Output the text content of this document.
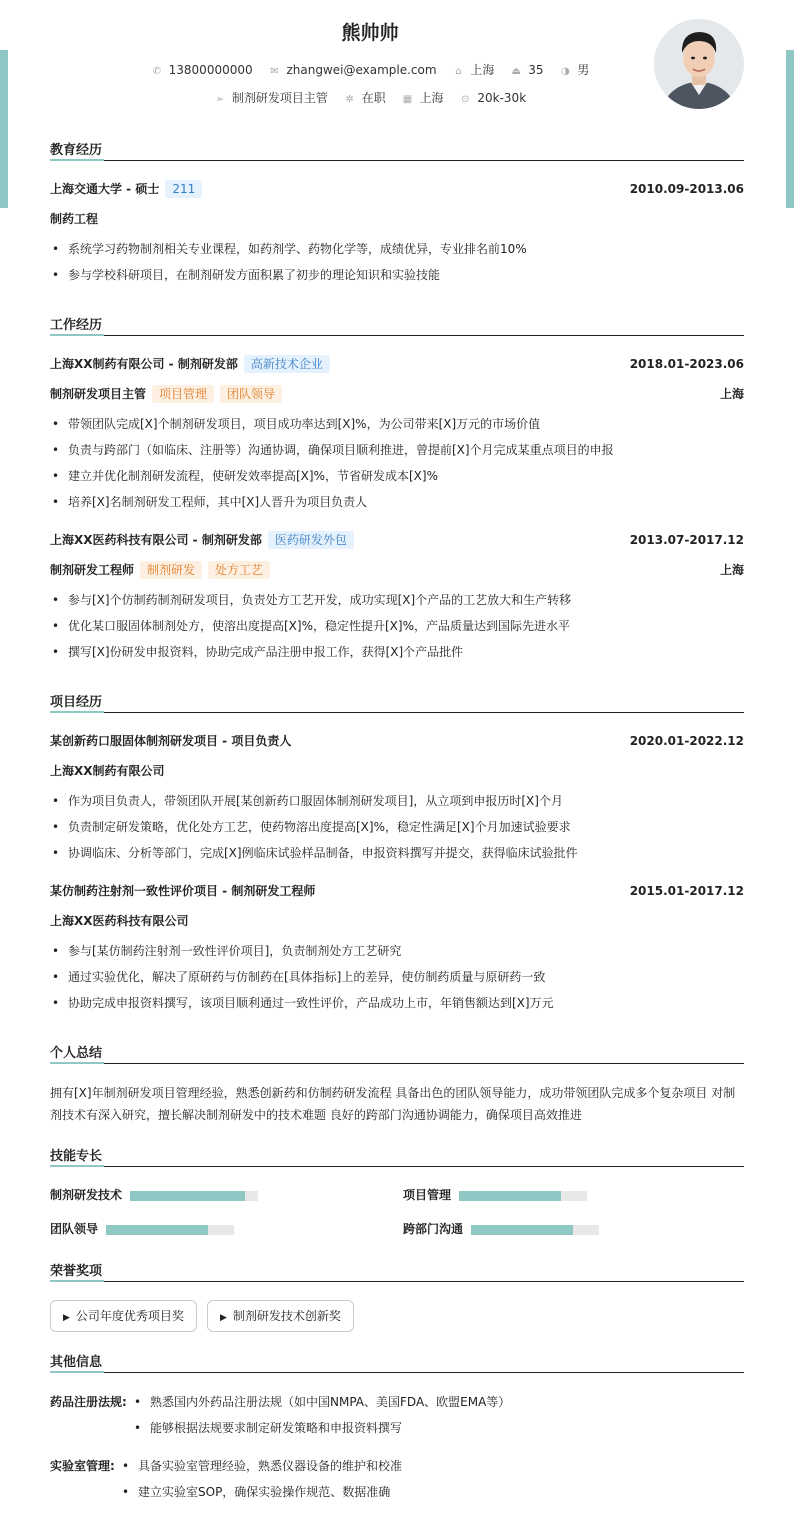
熊帅帅
✆ 13800000000 ✉ zhangwei@example.com ⌂ 上海 ⏏ 35 ◑ 男
➢ 制剂研发项目主管 ✲ 在职 ▦ 上海 ⊙ 20k-30k
教育经历
上海交通大学 - 硕士 211	2010.09-2013.06
制药工程
• 系统学习药物制剂相关专业课程，如药剂学、药物化学等，成绩优异，专业排名前10%
• 参与学校科研项目，在制剂研发方面积累了初步的理论知识和实验技能
工作经历
上海XX制药有限公司 - 制剂研发部 高新技术企业	2018.01-2023.06
制剂研发项目主管 项目管理 团队领导	上海
• 带领团队完成[X]个制剂研发项目，项目成功率达到[X]%，为公司带来[X]万元的市场价值
• 负责与跨部门（如临床、注册等）沟通协调，确保项目顺利推进，曾提前[X]个月完成某重点项目的申报
• 建立并优化制剂研发流程，使研发效率提高[X]%，节省研发成本[X]%
• 培养[X]名制剂研发工程师，其中[X]人晋升为项目负责人
上海XX医药科技有限公司 - 制剂研发部 医药研发外包	2013.07-2017.12
制剂研发工程师 制剂研发 处方工艺	上海
• 参与[X]个仿制药制剂研发项目，负责处方工艺开发，成功实现[X]个产品的工艺放大和生产转移
• 优化某口服固体制剂处方，使溶出度提高[X]%，稳定性提升[X]%，产品质量达到国际先进水平
• 撰写[X]份研发申报资料，协助完成产品注册申报工作，获得[X]个产品批件
项目经历
某创新药口服固体制剂研发项目 - 项目负责人	2020.01-2022.12
上海XX制药有限公司
• 作为项目负责人，带领团队开展[某创新药口服固体制剂研发项目]，从立项到申报历时[X]个月
• 负责制定研发策略，优化处方工艺，使药物溶出度提高[X]%，稳定性满足[X]个月加速试验要求
• 协调临床、分析等部门，完成[X]例临床试验样品制备，申报资料撰写并提交，获得临床试验批件
某仿制药注射剂一致性评价项目 - 制剂研发工程师	2015.01-2017.12
上海XX医药科技有限公司
• 参与[某仿制药注射剂一致性评价项目]，负责制剂处方工艺研究
• 通过实验优化，解决了原研药与仿制药在[具体指标]上的差异，使仿制药质量与原研药一致
• 协助完成申报资料撰写，该项目顺利通过一致性评价，产品成功上市，年销售额达到[X]万元
个人总结
拥有[X]年制剂研发项目管理经验，熟悉创新药和仿制药研发流程 具备出色的团队领导能力，成功带领团队完成多个复杂项目 对制
剂技术有深入研究，擅长解决制剂研发中的技术难题 良好的跨部门沟通协调能力，确保项目高效推进
技能专长
制剂研发技术	项目管理
团队领导	跨部门沟通
荣誉奖项
▶ 公司年度优秀项目奖	▶ 制剂研发技术创新奖
其他信息
药品注册法规:	• 熟悉国内外药品注册法规（如中国NMPA、美国FDA、欧盟EMA等）
• 能够根据法规要求制定研发策略和申报资料撰写
实验室管理:	• 具备实验室管理经验，熟悉仪器设备的维护和校准
• 建立实验室SOP，确保实验操作规范、数据准确
